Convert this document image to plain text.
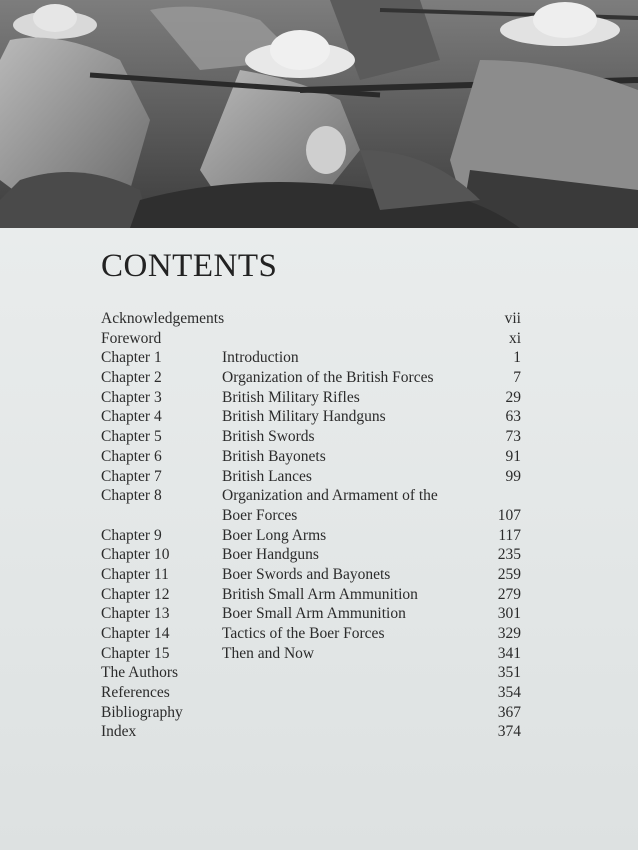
CONTENTS
Acknowledgements	vii
Foreword	xi
Chapter 1	Introduction	1
Chapter 2	Organization of the British Forces	7
Chapter 3	British Military Rifles	29
Chapter 4	British Military Handguns	63
Chapter 5	British Swords	73
Chapter 6	British Bayonets	91
Chapter 7	British Lances	99
Chapter 8	Organization and Armament of the Boer Forces	107
Chapter 9	Boer Long Arms	117
Chapter 10	Boer Handguns	235
Chapter 11	Boer Swords and Bayonets	259
Chapter 12	British Small Arm Ammunition	279
Chapter 13	Boer Small Arm Ammunition	301
Chapter 14	Tactics of the Boer Forces	329
Chapter 15	Then and Now	341
The Authors	351
References	354
Bibliography	367
Index	374
